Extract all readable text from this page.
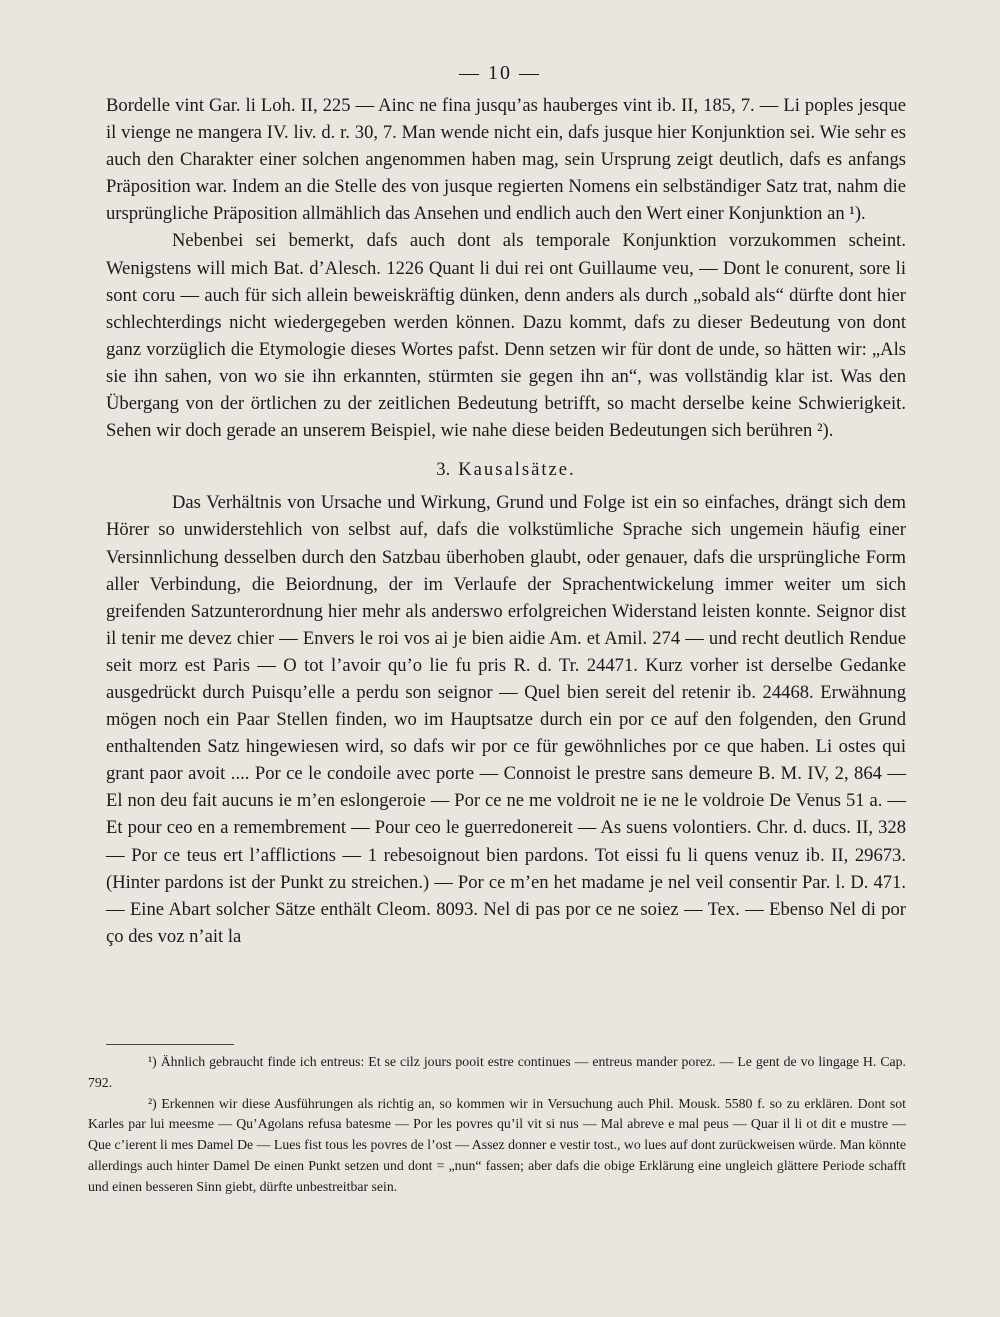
— 10 —

Bordelle vint Gar. li Loh. II, 225 — Ainc ne fina jusqu’as hauberges vint ib. II, 185, 7. — Li poples jesque il vienge ne mangera IV. liv. d. r. 30, 7. Man wende nicht ein, dafs jusque hier Konjunktion sei. Wie sehr es auch den Charakter einer solchen angenommen haben mag, sein Ursprung zeigt deutlich, dafs es anfangs Präposition war. Indem an die Stelle des von jusque regierten Nomens ein selbständiger Satz trat, nahm die ursprüngliche Präposition allmählich das Ansehen und endlich auch den Wert einer Konjunktion an ¹).

Nebenbei sei bemerkt, dafs auch dont als temporale Konjunktion vorzukommen scheint. Wenigstens will mich Bat. d’Alesch. 1226 Quant li dui rei ont Guillaume veu, — Dont le conurent, sore li sont coru — auch für sich allein beweiskräftig dünken, denn anders als durch „sobald als“ dürfte dont hier schlechterdings nicht wiedergegeben werden können. Dazu kommt, dafs zu dieser Bedeutung von dont ganz vorzüglich die Etymologie dieses Wortes pafst. Denn setzen wir für dont de unde, so hätten wir: „Als sie ihn sahen, von wo sie ihn erkannten, stürmten sie gegen ihn an“, was vollständig klar ist. Was den Übergang von der örtlichen zu der zeitlichen Bedeutung betrifft, so macht derselbe keine Schwierigkeit. Sehen wir doch gerade an unserem Beispiel, wie nahe diese beiden Bedeutungen sich berühren ²).

3. Kausalsätze.

Das Verhältnis von Ursache und Wirkung, Grund und Folge ist ein so einfaches, drängt sich dem Hörer so unwiderstehlich von selbst auf, dafs die volkstümliche Sprache sich ungemein häufig einer Versinnlichung desselben durch den Satzbau überhoben glaubt, oder genauer, dafs die ursprüngliche Form aller Verbindung, die Beiordnung, der im Verlaufe der Sprachentwickelung immer weiter um sich greifenden Satzunterordnung hier mehr als anderswo erfolgreichen Widerstand leisten konnte. Seignor dist il tenir me devez chier — Envers le roi vos ai je bien aidie Am. et Amil. 274 — und recht deutlich Rendue seit morz est Paris — O tot l’avoir qu’o lie fu pris R. d. Tr. 24471. Kurz vorher ist derselbe Gedanke ausgedrückt durch Puisqu’elle a perdu son seignor — Quel bien sereit del retenir ib. 24468. Erwähnung mögen noch ein Paar Stellen finden, wo im Hauptsatze durch ein por ce auf den folgenden, den Grund enthaltenden Satz hingewiesen wird, so dafs wir por ce für gewöhnliches por ce que haben. Li ostes qui grant paor avoit .... Por ce le condoile avec porte — Connoist le prestre sans demeure B. M. IV, 2, 864 — El non deu fait aucuns ie m’en eslongeroie — Por ce ne me voldroit ne ie ne le voldroie De Venus 51 a. — Et pour ceo en a remembrement — Pour ceo le guerredonereit — As suens volontiers. Chr. d. ducs. II, 328 — Por ce teus ert l’afflictions — 1 rebesoignout bien pardons. Tot eissi fu li quens venuz ib. II, 29673. (Hinter pardons ist der Punkt zu streichen.) — Por ce m’en het madame je nel veil consentir Par. l. D. 471. — Eine Abart solcher Sätze enthält Cleom. 8093. Nel di pas por ce ne soiez — Tex. — Ebenso Nel di por ço des voz n’ait la

¹) Ähnlich gebraucht finde ich entreus: Et se cilz jours pooit estre continues — entreus mander porez. — Le gent de vo lingage H. Cap. 792.

²) Erkennen wir diese Ausführungen als richtig an, so kommen wir in Versuchung auch Phil. Mousk. 5580 f. so zu erklären. Dont sot Karles par lui meesme — Qu’Agolans refusa batesme — Por les povres qu’il vit si nus — Mal abreve e mal peus — Quar il li ot dit e mustre — Que c’ierent li mes Damel De — Lues fist tous les povres de l’ost — Assez donner e vestir tost., wo lues auf dont zurückweisen würde. Man könnte allerdings auch hinter Damel De einen Punkt setzen und dont = „nun“ fassen; aber dafs die obige Erklärung eine ungleich glättere Periode schafft und einen besseren Sinn giebt, dürfte unbestreitbar sein.
